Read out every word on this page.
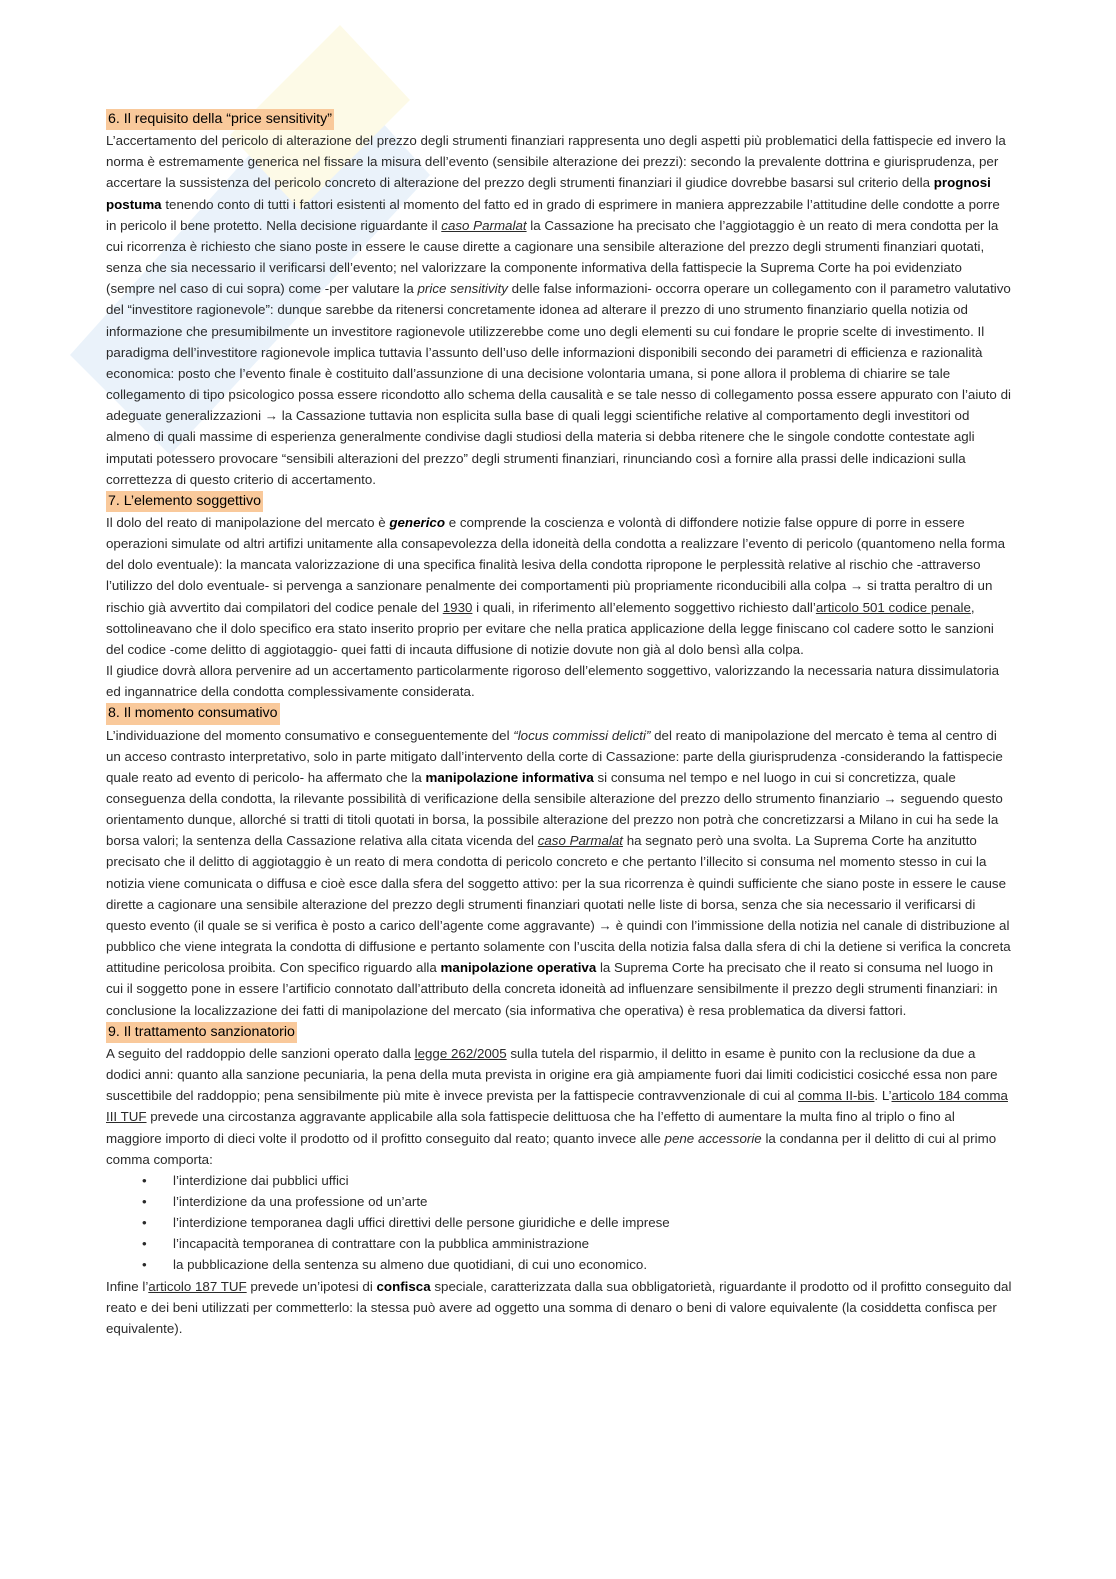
6. Il requisito della “price sensitivity”

L’accertamento del pericolo di alterazione del prezzo degli strumenti finanziari rappresenta uno degli aspetti più problematici della fattispecie ed invero la norma è estremamente generica nel fissare la misura dell’evento (sensibile alterazione dei prezzi): secondo la prevalente dottrina e giurisprudenza, per accertare la sussistenza del pericolo concreto di alterazione del prezzo degli strumenti finanziari il giudice dovrebbe basarsi sul criterio della prognosi postuma tenendo conto di tutti i fattori esistenti al momento del fatto ed in grado di esprimere in maniera apprezzabile l’attitudine delle condotte a porre in pericolo il bene protetto. Nella decisione riguardante il caso Parmalat la Cassazione ha precisato che l’aggiotaggio è un reato di mera condotta per la cui ricorrenza è richiesto che siano poste in essere le cause dirette a cagionare una sensibile alterazione del prezzo degli strumenti finanziari quotati, senza che sia necessario il verificarsi dell’evento; nel valorizzare la componente informativa della fattispecie la Suprema Corte ha poi evidenziato (sempre nel caso di cui sopra) come -per valutare la price sensitivity delle false informazioni- occorra operare un collegamento con il parametro valutativo del “investitore ragionevole”: dunque sarebbe da ritenersi concretamente idonea ad alterare il prezzo di uno strumento finanziario quella notizia od informazione che presumibilmente un investitore ragionevole utilizzerebbe come uno degli elementi su cui fondare le proprie scelte di investimento. Il paradigma dell’investitore ragionevole implica tuttavia l’assunto dell’uso delle informazioni disponibili secondo dei parametri di efficienza e razionalità economica: posto che l’evento finale è costituito dall’assunzione di una decisione volontaria umana, si pone allora il problema di chiarire se tale collegamento di tipo psicologico possa essere ricondotto allo schema della causalità e se tale nesso di collegamento possa essere appurato con l’aiuto di adeguate generalizzazioni → la Cassazione tuttavia non esplicita sulla base di quali leggi scientifiche relative al comportamento degli investitori od almeno di quali massime di esperienza generalmente condivise dagli studiosi della materia si debba ritenere che le singole condotte contestate agli imputati potessero provocare “sensibili alterazioni del prezzo” degli strumenti finanziari, rinunciando così a fornire alla prassi delle indicazioni sulla correttezza di questo criterio di accertamento.

7. L’elemento soggettivo

Il dolo del reato di manipolazione del mercato è generico e comprende la coscienza e volontà di diffondere notizie false oppure di porre in essere operazioni simulate od altri artifizi unitamente alla consapevolezza della idoneità della condotta a realizzare l’evento di pericolo (quantomeno nella forma del dolo eventuale): la mancata valorizzazione di una specifica finalità lesiva della condotta ripropone le perplessità relative al rischio che -attraverso l’utilizzo del dolo eventuale- si pervenga a sanzionare penalmente dei comportamenti più propriamente riconducibili alla colpa → si tratta peraltro di un rischio già avvertito dai compilatori del codice penale del 1930 i quali, in riferimento all’elemento soggettivo richiesto dall’articolo 501 codice penale, sottolineavano che il dolo specifico era stato inserito proprio per evitare che nella pratica applicazione della legge finiscano col cadere sotto le sanzioni del codice -come delitto di aggiotaggio- quei fatti di incauta diffusione di notizie dovute non già al dolo bensì alla colpa.

Il giudice dovrà allora pervenire ad un accertamento particolarmente rigoroso dell’elemento soggettivo, valorizzando la necessaria natura dissimulatoria ed ingannatrice della condotta complessivamente considerata.

8. Il momento consumativo

L’individuazione del momento consumativo e conseguentemente del “locus commissi delicti” del reato di manipolazione del mercato è tema al centro di un acceso contrasto interpretativo, solo in parte mitigato dall’intervento della corte di Cassazione: parte della giurisprudenza -considerando la fattispecie quale reato ad evento di pericolo- ha affermato che la manipolazione informativa si consuma nel tempo e nel luogo in cui si concretizza, quale conseguenza della condotta, la rilevante possibilità di verificazione della sensibile alterazione del prezzo dello strumento finanziario → seguendo questo orientamento dunque, allorché si tratti di titoli quotati in borsa, la possibile alterazione del prezzo non potrà che concretizzarsi a Milano in cui ha sede la borsa valori; la sentenza della Cassazione relativa alla citata vicenda del caso Parmalat ha segnato però una svolta. La Suprema Corte ha anzitutto precisato che il delitto di aggiotaggio è un reato di mera condotta di pericolo concreto e che pertanto l’illecito si consuma nel momento stesso in cui la notizia viene comunicata o diffusa e cioè esce dalla sfera del soggetto attivo: per la sua ricorrenza è quindi sufficiente che siano poste in essere le cause dirette a cagionare una sensibile alterazione del prezzo degli strumenti finanziari quotati nelle liste di borsa, senza che sia necessario il verificarsi di questo evento (il quale se si verifica è posto a carico dell’agente come aggravante) → è quindi con l’immissione della notizia nel canale di distribuzione al pubblico che viene integrata la condotta di diffusione e pertanto solamente con l’uscita della notizia falsa dalla sfera di chi la detiene si verifica la concreta attitudine pericolosa proibita. Con specifico riguardo alla manipolazione operativa la Suprema Corte ha precisato che il reato si consuma nel luogo in cui il soggetto pone in essere l’artificio connotato dall’attributo della concreta idoneità ad influenzare sensibilmente il prezzo degli strumenti finanziari: in conclusione la localizzazione dei fatti di manipolazione del mercato (sia informativa che operativa) è resa problematica da diversi fattori.

9. Il trattamento sanzionatorio

A seguito del raddoppio delle sanzioni operato dalla legge 262/2005 sulla tutela del risparmio, il delitto in esame è punito con la reclusione da due a dodici anni: quanto alla sanzione pecuniaria, la pena della muta prevista in origine era già ampiamente fuori dai limiti codicistici cosicché essa non pare suscettibile del raddoppio; pena sensibilmente più mite è invece prevista per la fattispecie contravvenzionale di cui al comma II-bis. L’articolo 184 comma III TUF prevede una circostanza aggravante applicabile alla sola fattispecie delittuosa che ha l’effetto di aumentare la multa fino al triplo o fino al maggiore importo di dieci volte il prodotto od il profitto conseguito dal reato; quanto invece alle pene accessorie la condanna per il delitto di cui al primo comma comporta:

• l’interdizione dai pubblici uffici
• l’interdizione da una professione od un’arte
• l’interdizione temporanea dagli uffici direttivi delle persone giuridiche e delle imprese
• l’incapacità temporanea di contrattare con la pubblica amministrazione
• la pubblicazione della sentenza su almeno due quotidiani, di cui uno economico.

Infine l’articolo 187 TUF prevede un’ipotesi di confisca speciale, caratterizzata dalla sua obbligatorietà, riguardante il prodotto od il profitto conseguito dal reato e dei beni utilizzati per commetterlo: la stessa può avere ad oggetto una somma di denaro o beni di valore equivalente (la cosiddetta confisca per equivalente).
